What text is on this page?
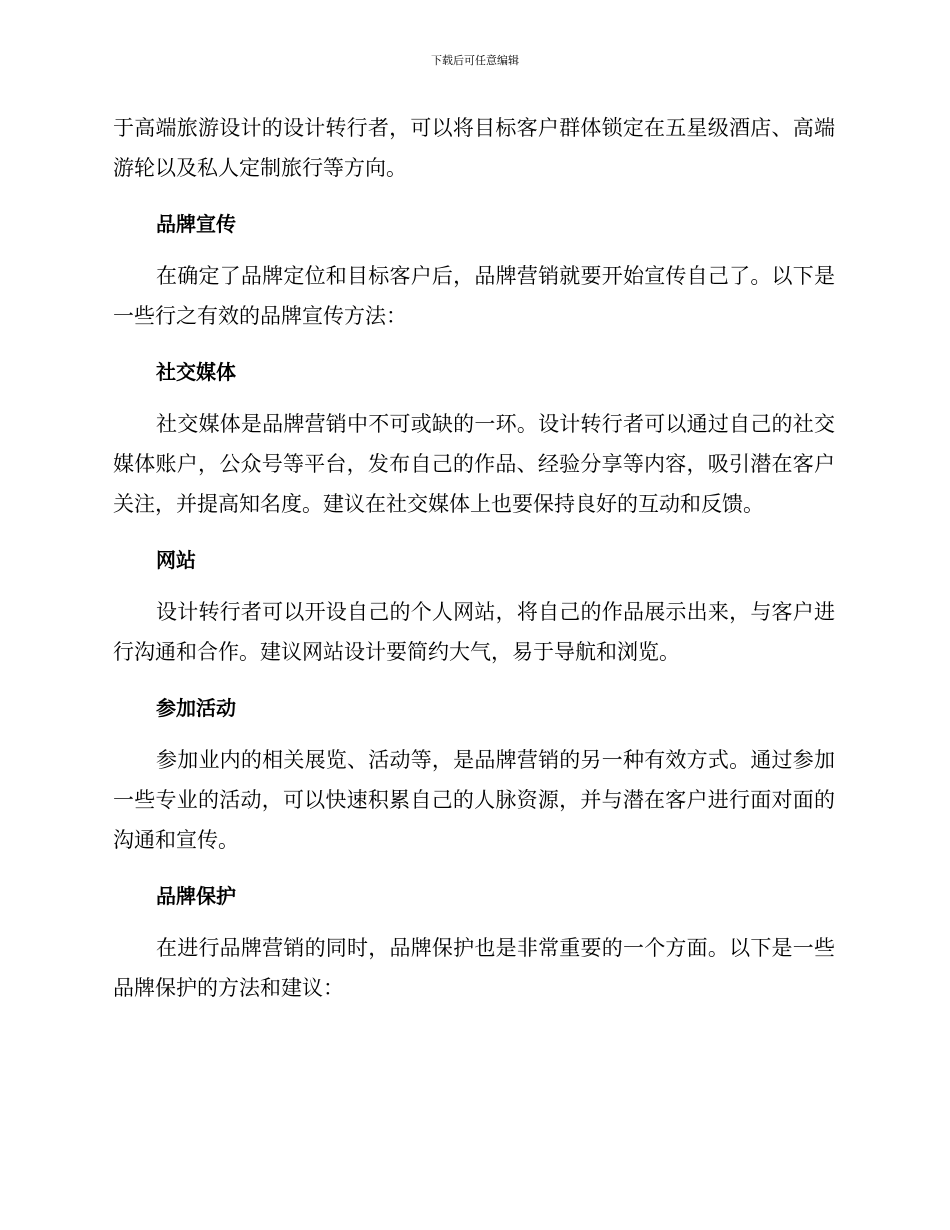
下载后可任意编辑

于高端旅游设计的设计转行者，可以将目标客户群体锁定在五星级酒店、高端游轮以及私人定制旅行等方向。

品牌宣传

在确定了品牌定位和目标客户后，品牌营销就要开始宣传自己了。以下是一些行之有效的品牌宣传方法：

社交媒体

社交媒体是品牌营销中不可或缺的一环。设计转行者可以通过自己的社交媒体账户，公众号等平台，发布自己的作品、经验分享等内容，吸引潜在客户关注，并提高知名度。建议在社交媒体上也要保持良好的互动和反馈。

网站

设计转行者可以开设自己的个人网站，将自己的作品展示出来，与客户进行沟通和合作。建议网站设计要简约大气，易于导航和浏览。

参加活动

参加业内的相关展览、活动等，是品牌营销的另一种有效方式。通过参加一些专业的活动，可以快速积累自己的人脉资源，并与潜在客户进行面对面的沟通和宣传。

品牌保护

在进行品牌营销的同时，品牌保护也是非常重要的一个方面。以下是一些品牌保护的方法和建议：
